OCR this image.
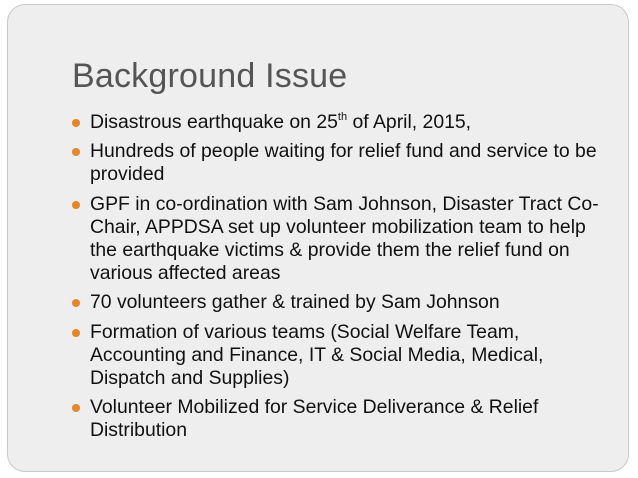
Background Issue
Disastrous earthquake on 25th of April, 2015,
Hundreds of people waiting for relief fund and service to be provided
GPF in co-ordination with Sam Johnson, Disaster Tract Co-Chair, APPDSA set up volunteer mobilization team to help the earthquake victims & provide them the relief fund on various affected areas
70 volunteers gather & trained by Sam Johnson
Formation of various teams (Social Welfare Team, Accounting and Finance, IT & Social Media, Medical, Dispatch and Supplies)
Volunteer Mobilized for Service Deliverance & Relief Distribution
